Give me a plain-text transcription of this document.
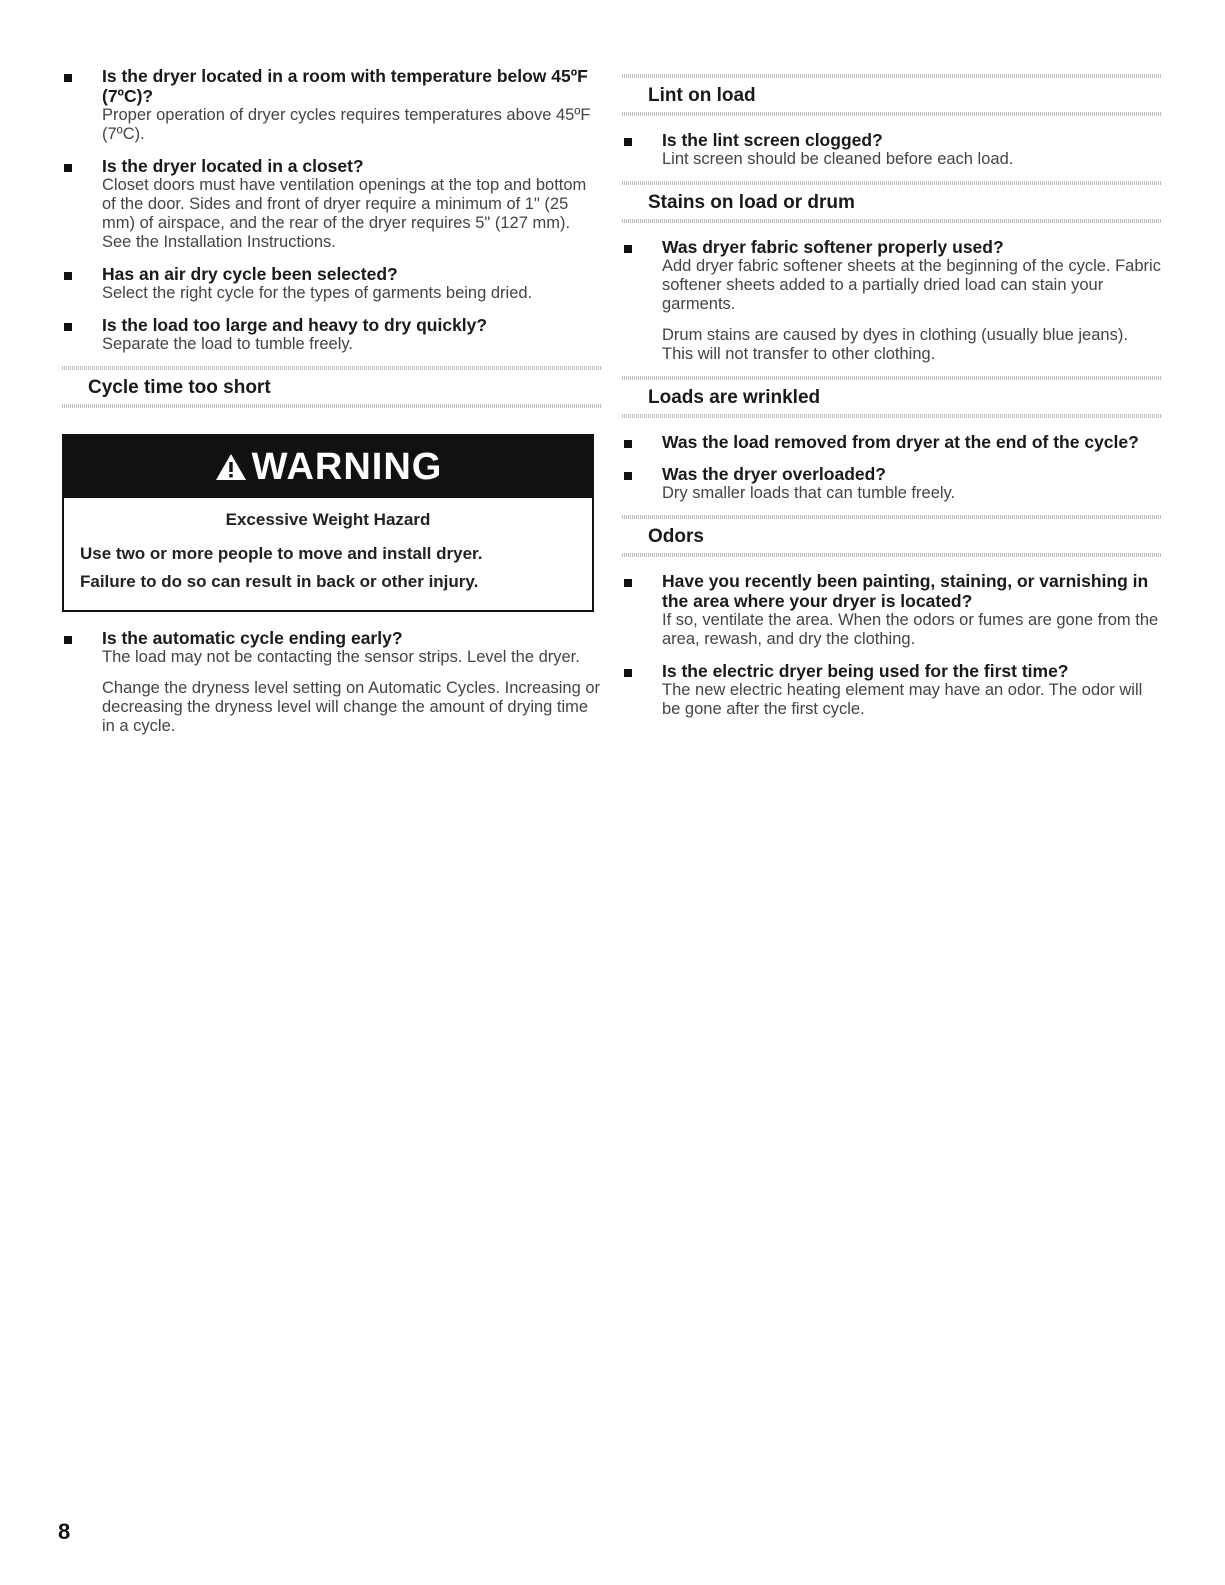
Is the dryer located in a room with temperature below 45ºF (7ºC)?
Proper operation of dryer cycles requires temperatures above 45ºF (7ºC).
Is the dryer located in a closet?
Closet doors must have ventilation openings at the top and bottom of the door. Sides and front of dryer require a minimum of 1" (25 mm) of airspace, and the rear of the dryer requires 5" (127 mm). See the Installation Instructions.
Has an air dry cycle been selected?
Select the right cycle for the types of garments being dried.
Is the load too large and heavy to dry quickly?
Separate the load to tumble freely.
Cycle time too short
WARNING
Excessive Weight Hazard
Use two or more people to move and install dryer.
Failure to do so can result in back or other injury.
Is the automatic cycle ending early?
The load may not be contacting the sensor strips. Level the dryer.
Change the dryness level setting on Automatic Cycles. Increasing or decreasing the dryness level will change the amount of drying time in a cycle.
Lint on load
Is the lint screen clogged?
Lint screen should be cleaned before each load.
Stains on load or drum
Was dryer fabric softener properly used?
Add dryer fabric softener sheets at the beginning of the cycle. Fabric softener sheets added to a partially dried load can stain your garments.
Drum stains are caused by dyes in clothing (usually blue jeans). This will not transfer to other clothing.
Loads are wrinkled
Was the load removed from dryer at the end of the cycle?
Was the dryer overloaded?
Dry smaller loads that can tumble freely.
Odors
Have you recently been painting, staining, or varnishing in the area where your dryer is located?
If so, ventilate the area. When the odors or fumes are gone from the area, rewash, and dry the clothing.
Is the electric dryer being used for the first time?
The new electric heating element may have an odor. The odor will be gone after the first cycle.
8
